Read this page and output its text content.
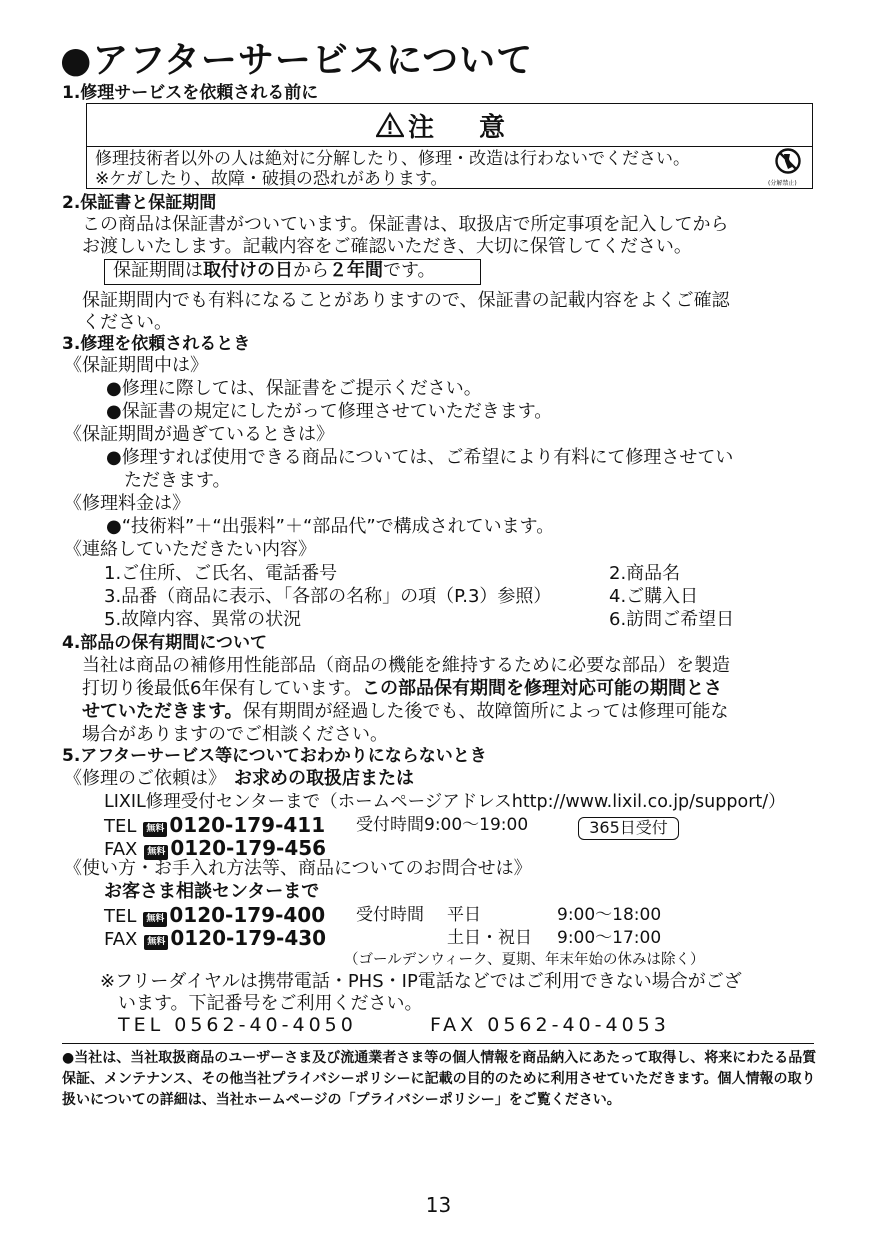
●アフターサービスについて
1.修理サービスを依頼される前に
注 意
修理技術者以外の人は絶対に分解したり、修理・改造は行わないでください。
※ケガしたり、故障・破損の恐れがあります。	(分解禁止)
2.保証書と保証期間
この商品は保証書がついています。保証書は、取扱店で所定事項を記入してから
お渡しいたします。記載内容をご確認いただき、大切に保管してください。
保証期間は取付けの日から２年間です。
保証期間内でも有料になることがありますので、保証書の記載内容をよくご確認
ください。
3.修理を依頼されるとき
《保証期間中は》
●修理に際しては、保証書をご提示ください。
●保証書の規定にしたがって修理させていただきます。
《保証期間が過ぎているときは》
●修理すれば使用できる商品については、ご希望により有料にて修理させてい
ただきます。
《修理料金は》
●“技術料”＋“出張料”＋“部品代”で構成されています。
《連絡していただきたい内容》
1.ご住所、ご氏名、電話番号	2.商品名
3.品番（商品に表示、「各部の名称」の項（P.3）参照）	4.ご購入日
5.故障内容、異常の状況	6.訪問ご希望日
4.部品の保有期間について
当社は商品の補修用性能部品（商品の機能を維持するために必要な部品）を製造
打切り後最低6年保有しています。この部品保有期間を修理対応可能の期間とさ
せていただきます。保有期間が経過した後でも、故障箇所によっては修理可能な
場合がありますのでご相談ください。
5.アフターサービス等についておわかりにならないとき
《修理のご依頼は》 お求めの取扱店または
LIXIL修理受付センターまで（ホームページアドレスhttp://www.lixil.co.jp/support/）
TEL 無料 0120-179-411 受付時間9:00～19:00	365日受付
FAX 無料 0120-179-456
《使い方・お手入れ方法等、商品についてのお問合せは》
お客さま相談センターまで
TEL 無料 0120-179-400 受付時間 平日	9:00～18:00
FAX 無料 0120-179-430	土日・祝日 9:00～17:00
（ゴールデンウィーク、夏期、年末年始の休みは除く）
※フリーダイヤルは携帯電話・PHS・IP電話などではご利用できない場合がござ
います。下記番号をご利用ください。
TEL 0562-40-4050	FAX 0562-40-4053
●当社は、当社取扱商品のユーザーさま及び流通業者さま等の個人情報を商品納入にあたって取得し、将来にわたる品質保証、メンテナンス、その他当社プライバシーポリシーに記載の目的のために利用させていただきます。個人情報の取り扱いについての詳細は、当社ホームページの「プライバシーポリシー」をご覧ください。
13
